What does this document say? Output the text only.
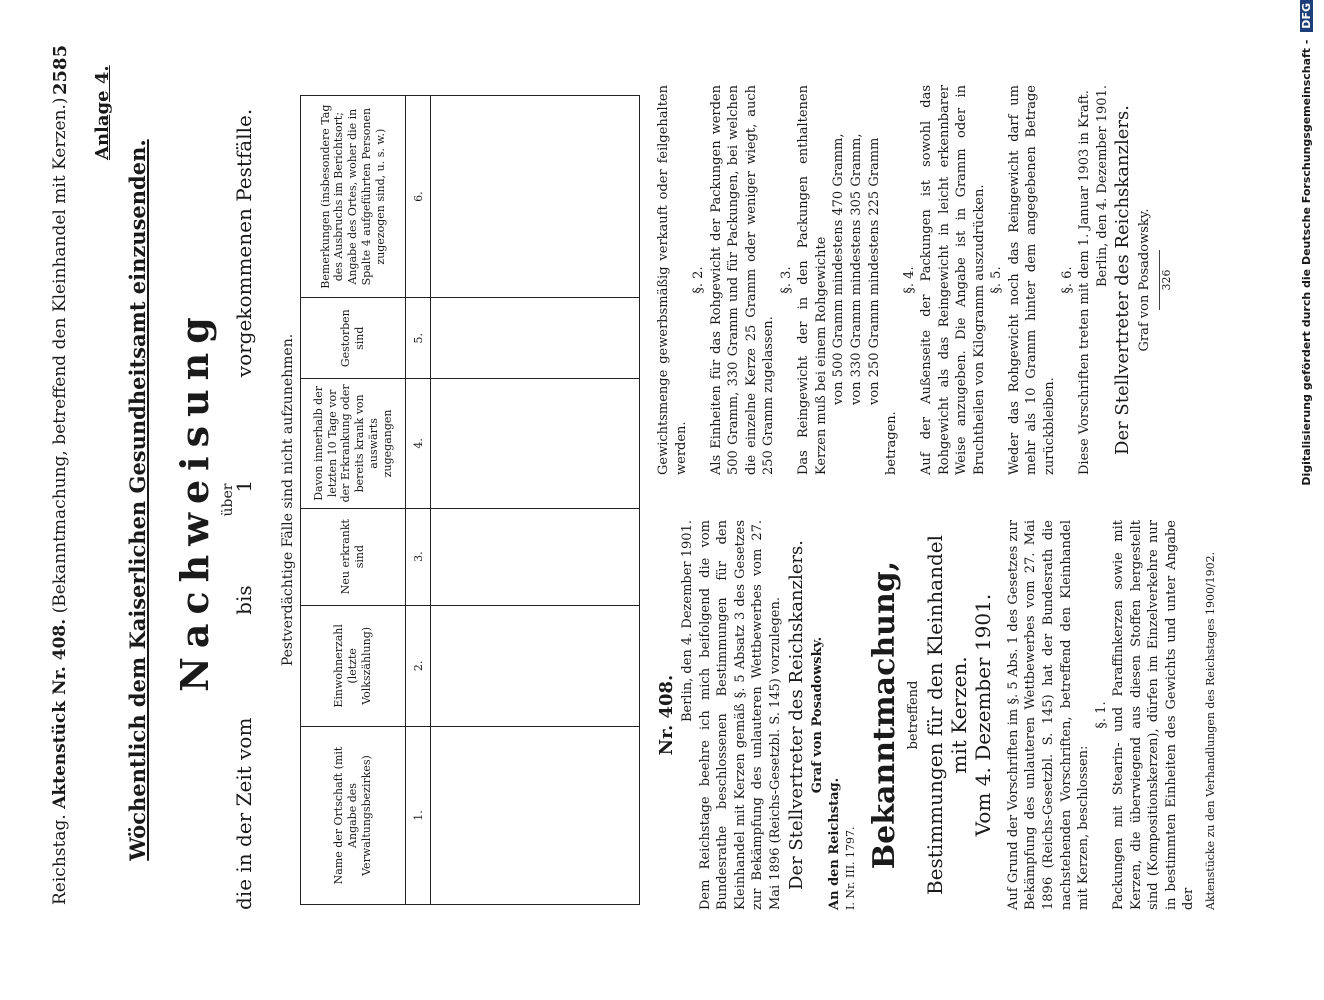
Reichstag. Aktenstück Nr. 408. (Bekanntmachung, betreffend den Kleinhandel mit Kerzen.)
2585 Anlage 4.
Wöchentlich dem Kaiserlichen Gesundheitsamt einzusenden. Nachweisung über
die in der Zeit vom  bis  1  vorgekommenen Pestfälle.
Pestverdächtige Fälle sind nicht aufzunehmen.
Name der Ortschaft (mit Angabe des Verwaltungsbezirkes)	Einwohnerzahl (letzte Volkszählung)	Neu erkrankt sind	Davon innerhalb der letzten 10 Tage vor der Erkrankung oder bereits krank von auswärts zugegangen	Gestorben sind	Bemerkungen (insbesondere Tag des Ausbruchs im Berichtsort; Angabe des Ortes, woher die in Spalte 4 aufgeführten Personen zugezogen sind, u. s. w.)
1.	2.	3.	4.	5.	6.

Nr. 408. Berlin, den 4. Dezember 1901. Dem Reichstage beehre ich mich beifolgend die vom Bundesrathe beschlossenen Bestimmungen für den Kleinhandel mit Kerzen gemäß §. 5 Absatz 3 des Gesetzes zur Bekämpfung des unlauteren Wettbewerbes vom 27. Mai 1896 (Reichs-Gesetzbl. S. 145) vorzulegen. Der Stellvertreter des Reichskanzlers. Graf von Posadowsky.
An den Reichstag. I. Nr. III. 1797. Bekanntmachung, betreffend Bestimmungen für den Kleinhandel mit Kerzen. Vom 4. Dezember 1901. Auf Grund der Vorschriften im §. 5 Abs. 1 des Gesetzes zur Bekämpfung des unlauteren Wettbewerbes vom 27. Mai 1896 (Reichs-Gesetzbl. S. 145) hat der Bundesrath die nachstehenden Vorschriften, betreffend den Kleinhandel mit Kerzen, beschlossen:

§. 1. Packungen mit Stearin- und Paraffinkerzen sowie mit Kerzen, die überwiegend aus diesen Stoffen hergestellt sind (Kompositionskerzen), dürfen im Einzelverkehre nur in bestimmten Einheiten des Gewichts und unter Angabe der Aktenstücke zu den Verhandlungen des Reichstages 1900/1902.

Gewichtsmenge gewerbsmäßig verkauft oder feilgehalten werden.

§. 2. Als Einheiten für das Rohgewicht der Packungen werden 500 Gramm, 330 Gramm und für Packungen, bei welchen die einzelne Kerze 25 Gramm oder weniger wiegt, auch 250 Gramm zugelassen.

§. 3. Das Reingewicht der in den Packungen enthaltenen Kerzen muß bei einem Rohgewichte von 500 Gramm mindestens 470 Gramm, von 330 Gramm mindestens 305 Gramm, von 250 Gramm mindestens 225 Gramm
betragen.
§. 4. Auf der Außenseite der Packungen ist sowohl das Rohgewicht als das Reingewicht in leicht erkennbarer Weise anzugeben. Die Angabe ist in Gramm oder in Bruchtheilen von Kilogramm auszudrücken. §. 5. Weder das Rohgewicht noch das Reingewicht darf um mehr als 10 Gramm hinter dem angegebenen Betrage zurückbleiben.

§. 6. Diese Vorschriften treten mit dem 1. Januar 1903 in Kraft. Berlin, den 4. Dezember 1901. Der Stellvertreter des Reichskanzlers. Graf von Posadowsky. 326	Digitalisierung gefördert durch die Deutsche Forschungsgemeinschaft - DFG
